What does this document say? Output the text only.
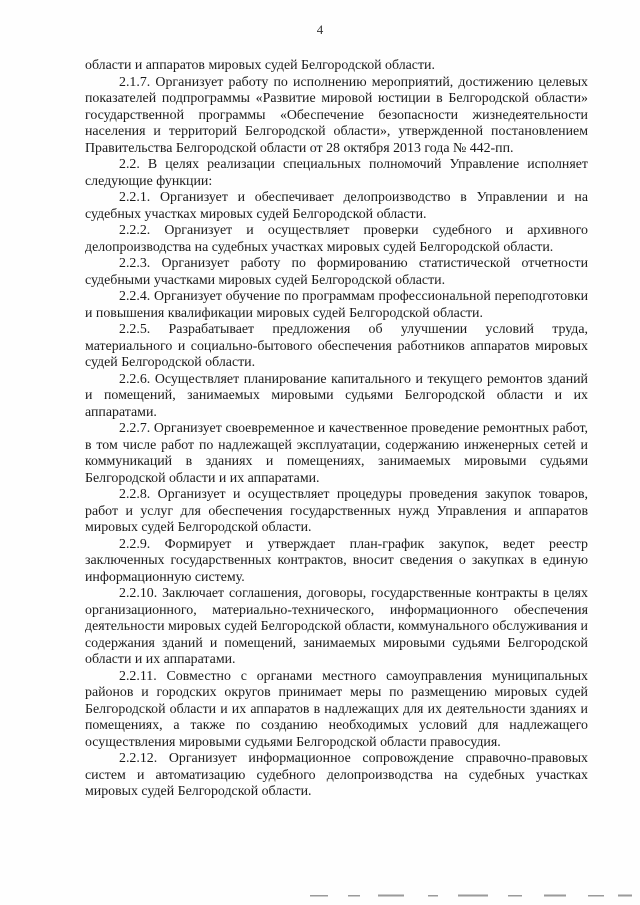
4

области и аппаратов мировых судей Белгородской области.

2.1.7. Организует работу по исполнению мероприятий, достижению целевых показателей подпрограммы «Развитие мировой юстиции в Белгородской области» государственной программы «Обеспечение безопасности жизнедеятельности населения и территорий Белгородской области», утвержденной постановлением Правительства Белгородской области от 28 октября 2013 года № 442-пп.

2.2. В целях реализации специальных полномочий Управление исполняет следующие функции:

2.2.1. Организует и обеспечивает делопроизводство в Управлении и на судебных участках мировых судей Белгородской области.

2.2.2. Организует и осуществляет проверки судебного и архивного делопроизводства на судебных участках мировых судей Белгородской области.

2.2.3. Организует работу по формированию статистической отчетности судебными участками мировых судей Белгородской области.

2.2.4. Организует обучение по программам профессиональной переподготовки и повышения квалификации мировых судей Белгородской области.

2.2.5. Разрабатывает предложения об улучшении условий труда, материального и социально-бытового обеспечения работников аппаратов мировых судей Белгородской области.

2.2.6. Осуществляет планирование капитального и текущего ремонтов зданий и помещений, занимаемых мировыми судьями Белгородской области и их аппаратами.

2.2.7. Организует своевременное и качественное проведение ремонтных работ, в том числе работ по надлежащей эксплуатации, содержанию инженерных сетей и коммуникаций в зданиях и помещениях, занимаемых мировыми судьями Белгородской области и их аппаратами.

2.2.8. Организует и осуществляет процедуры проведения закупок товаров, работ и услуг для обеспечения государственных нужд Управления и аппаратов мировых судей Белгородской области.

2.2.9. Формирует и утверждает план-график закупок, ведет реестр заключенных государственных контрактов, вносит сведения о закупках в единую информационную систему.

2.2.10. Заключает соглашения, договоры, государственные контракты в целях организационного, материально-технического, информационного обеспечения деятельности мировых судей Белгородской области, коммунального обслуживания и содержания зданий и помещений, занимаемых мировыми судьями Белгородской области и их аппаратами.

2.2.11. Совместно с органами местного самоуправления муниципальных районов и городских округов принимает меры по размещению мировых судей Белгородской области и их аппаратов в надлежащих для их деятельности зданиях и помещениях, а также по созданию необходимых условий для надлежащего осуществления мировыми судьями Белгородской области правосудия.

2.2.12. Организует информационное сопровождение справочно-правовых систем и автоматизацию судебного делопроизводства на судебных участках мировых судей Белгородской области.
